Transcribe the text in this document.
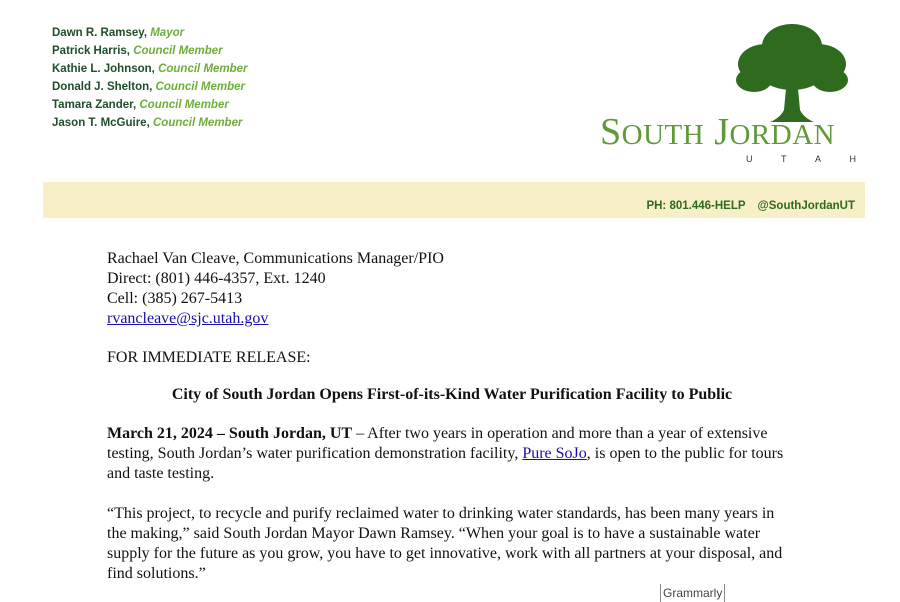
Dawn R. Ramsey, Mayor
Patrick Harris, Council Member
Kathie L. Johnson, Council Member
Donald J. Shelton, Council Member
Tamara Zander, Council Member
Jason T. McGuire, Council Member	SOUTH JORDAN
U	T	A	H
PH: 801.446-HELP @SouthJordanUT
Rachael Van Cleave, Communications Manager/PIO
Direct: (801) 446-4357, Ext. 1240
Cell: (385) 267-5413
rvancleave@sjc.utah.gov
FOR IMMEDIATE RELEASE:
City of South Jordan Opens First-of-its-Kind Water Purification Facility to Public
March 21, 2024 – South Jordan, UT – After two years in operation and more than a year of extensive testing, South Jordan’s water purification demonstration facility, Pure SoJo, is open to the public for tours and taste testing.
“This project, to recycle and purify reclaimed water to drinking water standards, has been many years in the making,” said South Jordan Mayor Dawn Ramsey. “When your goal is to have a sustainable water supply for the future as you grow, you have to get innovative, work with all partners at your disposal, and find solutions.”
Grammarly
